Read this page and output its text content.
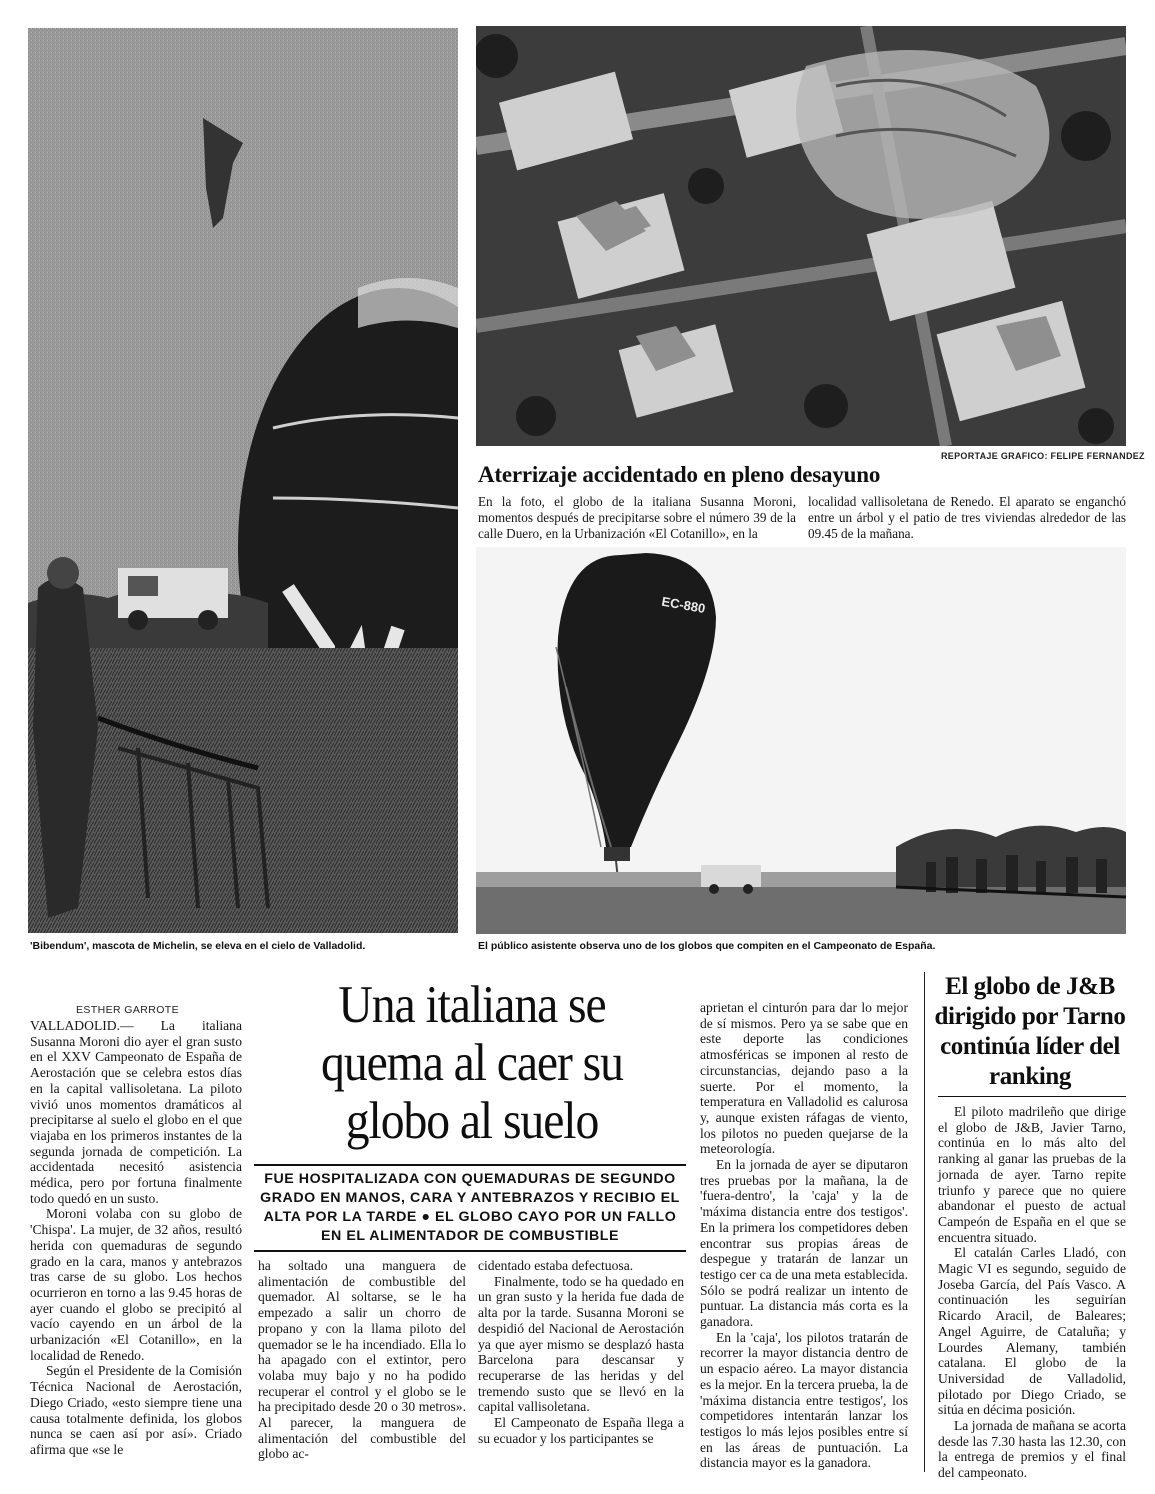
'Bibendum', mascota de Michelin, se eleva en el cielo de Valladolid.
REPORTAJE GRAFICO: FELIPE FERNANDEZ
Aterrizaje accidentado en pleno desayuno
En la foto, el globo de la italiana Susanna Moroni, momentos después de precipitarse sobre el número 39 de la calle Duero, en la Urbanización «El Cotanillo», en la
localidad vallisoletana de Renedo. El aparato se enganchó entre un árbol y el patio de tres viviendas alrededor de las 09.45 de la mañana.
EC-880
El público asistente observa uno de los globos que compiten en el Campeonato de España.
ESTHER GARROTE

VALLADOLID.— La italiana Susanna Moroni dio ayer el gran susto en el XXV Campeonato de España de Aerostación que se celebra estos días en la capital vallisoletana. La piloto vivió unos momentos dramáticos al precipitarse al suelo el globo en el que viajaba en los primeros instantes de la segunda jornada de competición. La accidentada necesitó asistencia médica, pero por fortuna finalmente todo quedó en un susto.

Moroni volaba con su globo de 'Chispa'. La mujer, de 32 años, resultó herida con quemaduras de segundo grado en la cara, manos y antebrazos tras carse de su globo. Los hechos ocurrieron en torno a las 9.45 horas de ayer cuando el globo se precipitó al vacío cayendo en un árbol de la urbanización «El Cotanillo», en la localidad de Renedo.

Según el Presidente de la Comisión Técnica Nacional de Aerostación, Diego Criado, «esto siempre tiene una causa totalmente definida, los globos nunca se caen así por así». Criado afirma que «se le

Una italiana se quema al caer su globo al suelo
FUE HOSPITALIZADA CON QUEMADURAS DE SEGUNDO GRADO EN MANOS, CARA Y ANTEBRAZOS Y RECIBIO EL ALTA POR LA TARDE ● EL GLOBO CAYO POR UN FALLO EN EL ALIMENTADOR DE COMBUSTIBLE

ha soltado una manguera de alimentación de combustible del quemador. Al soltarse, se le ha empezado a salir un chorro de propano y con la llama piloto del quemador se le ha incendiado. Ella lo ha apagado con el extintor, pero volaba muy bajo y no ha podido recuperar el control y el globo se le ha precipitado desde 20 o 30 metros». Al parecer, la manguera de alimentación del combustible del globo ac-

cidentado estaba defectuosa.

Finalmente, todo se ha quedado en un gran susto y la herida fue dada de alta por la tarde. Susanna Moroni se despidió del Nacional de Aerostación ya que ayer mismo se desplazó hasta Barcelona para descansar y recuperarse de las heridas y del tremendo susto que se llevó en la capital vallisoletana.

El Campeonato de España llega a su ecuador y los participantes se

aprietan el cinturón para dar lo mejor de sí mismos. Pero ya se sabe que en este deporte las condiciones atmosféricas se imponen al resto de circunstancias, dejando paso a la suerte. Por el momento, la temperatura en Valladolid es calurosa y, aunque existen ráfagas de viento, los pilotos no pueden quejarse de la meteorología.

En la jornada de ayer se diputaron tres pruebas por la mañana, la de 'fuera-dentro', la 'caja' y la de 'máxima distancia entre dos testigos'. En la primera los competidores deben encontrar sus propias áreas de despegue y tratarán de lanzar un testigo cer ca de una meta establecida. Sólo se podrá realizar un intento de puntuar. La distancia más corta es la ganadora.

En la 'caja', los pilotos tratarán de recorrer la mayor distancia dentro de un espacio aéreo. La mayor distancia es la mejor. En la tercera prueba, la de 'máxima distancia entre testigos', los competidores intentarán lanzar los testigos lo más lejos posibles entre sí en las áreas de puntuación. La distancia mayor es la ganadora.

El globo de J&B dirigido por Tarno continúa líder del ranking

El piloto madrileño que dirige el globo de J&B, Javier Tarno, continúa en lo más alto del ranking al ganar las pruebas de la jornada de ayer. Tarno repite triunfo y parece que no quiere abandonar el puesto de actual Campeón de España en el que se encuentra situado.

El catalán Carles Lladó, con Magic VI es segundo, seguido de Joseba García, del País Vasco. A continuación les seguirían Ricardo Aracil, de Baleares; Angel Aguirre, de Cataluña; y Lourdes Alemany, también catalana. El globo de la Universidad de Valladolid, pilotado por Diego Criado, se sitúa en décima posición.

La jornada de mañana se acorta desde las 7.30 hasta las 12.30, con la entrega de premios y el final del campeonato.
